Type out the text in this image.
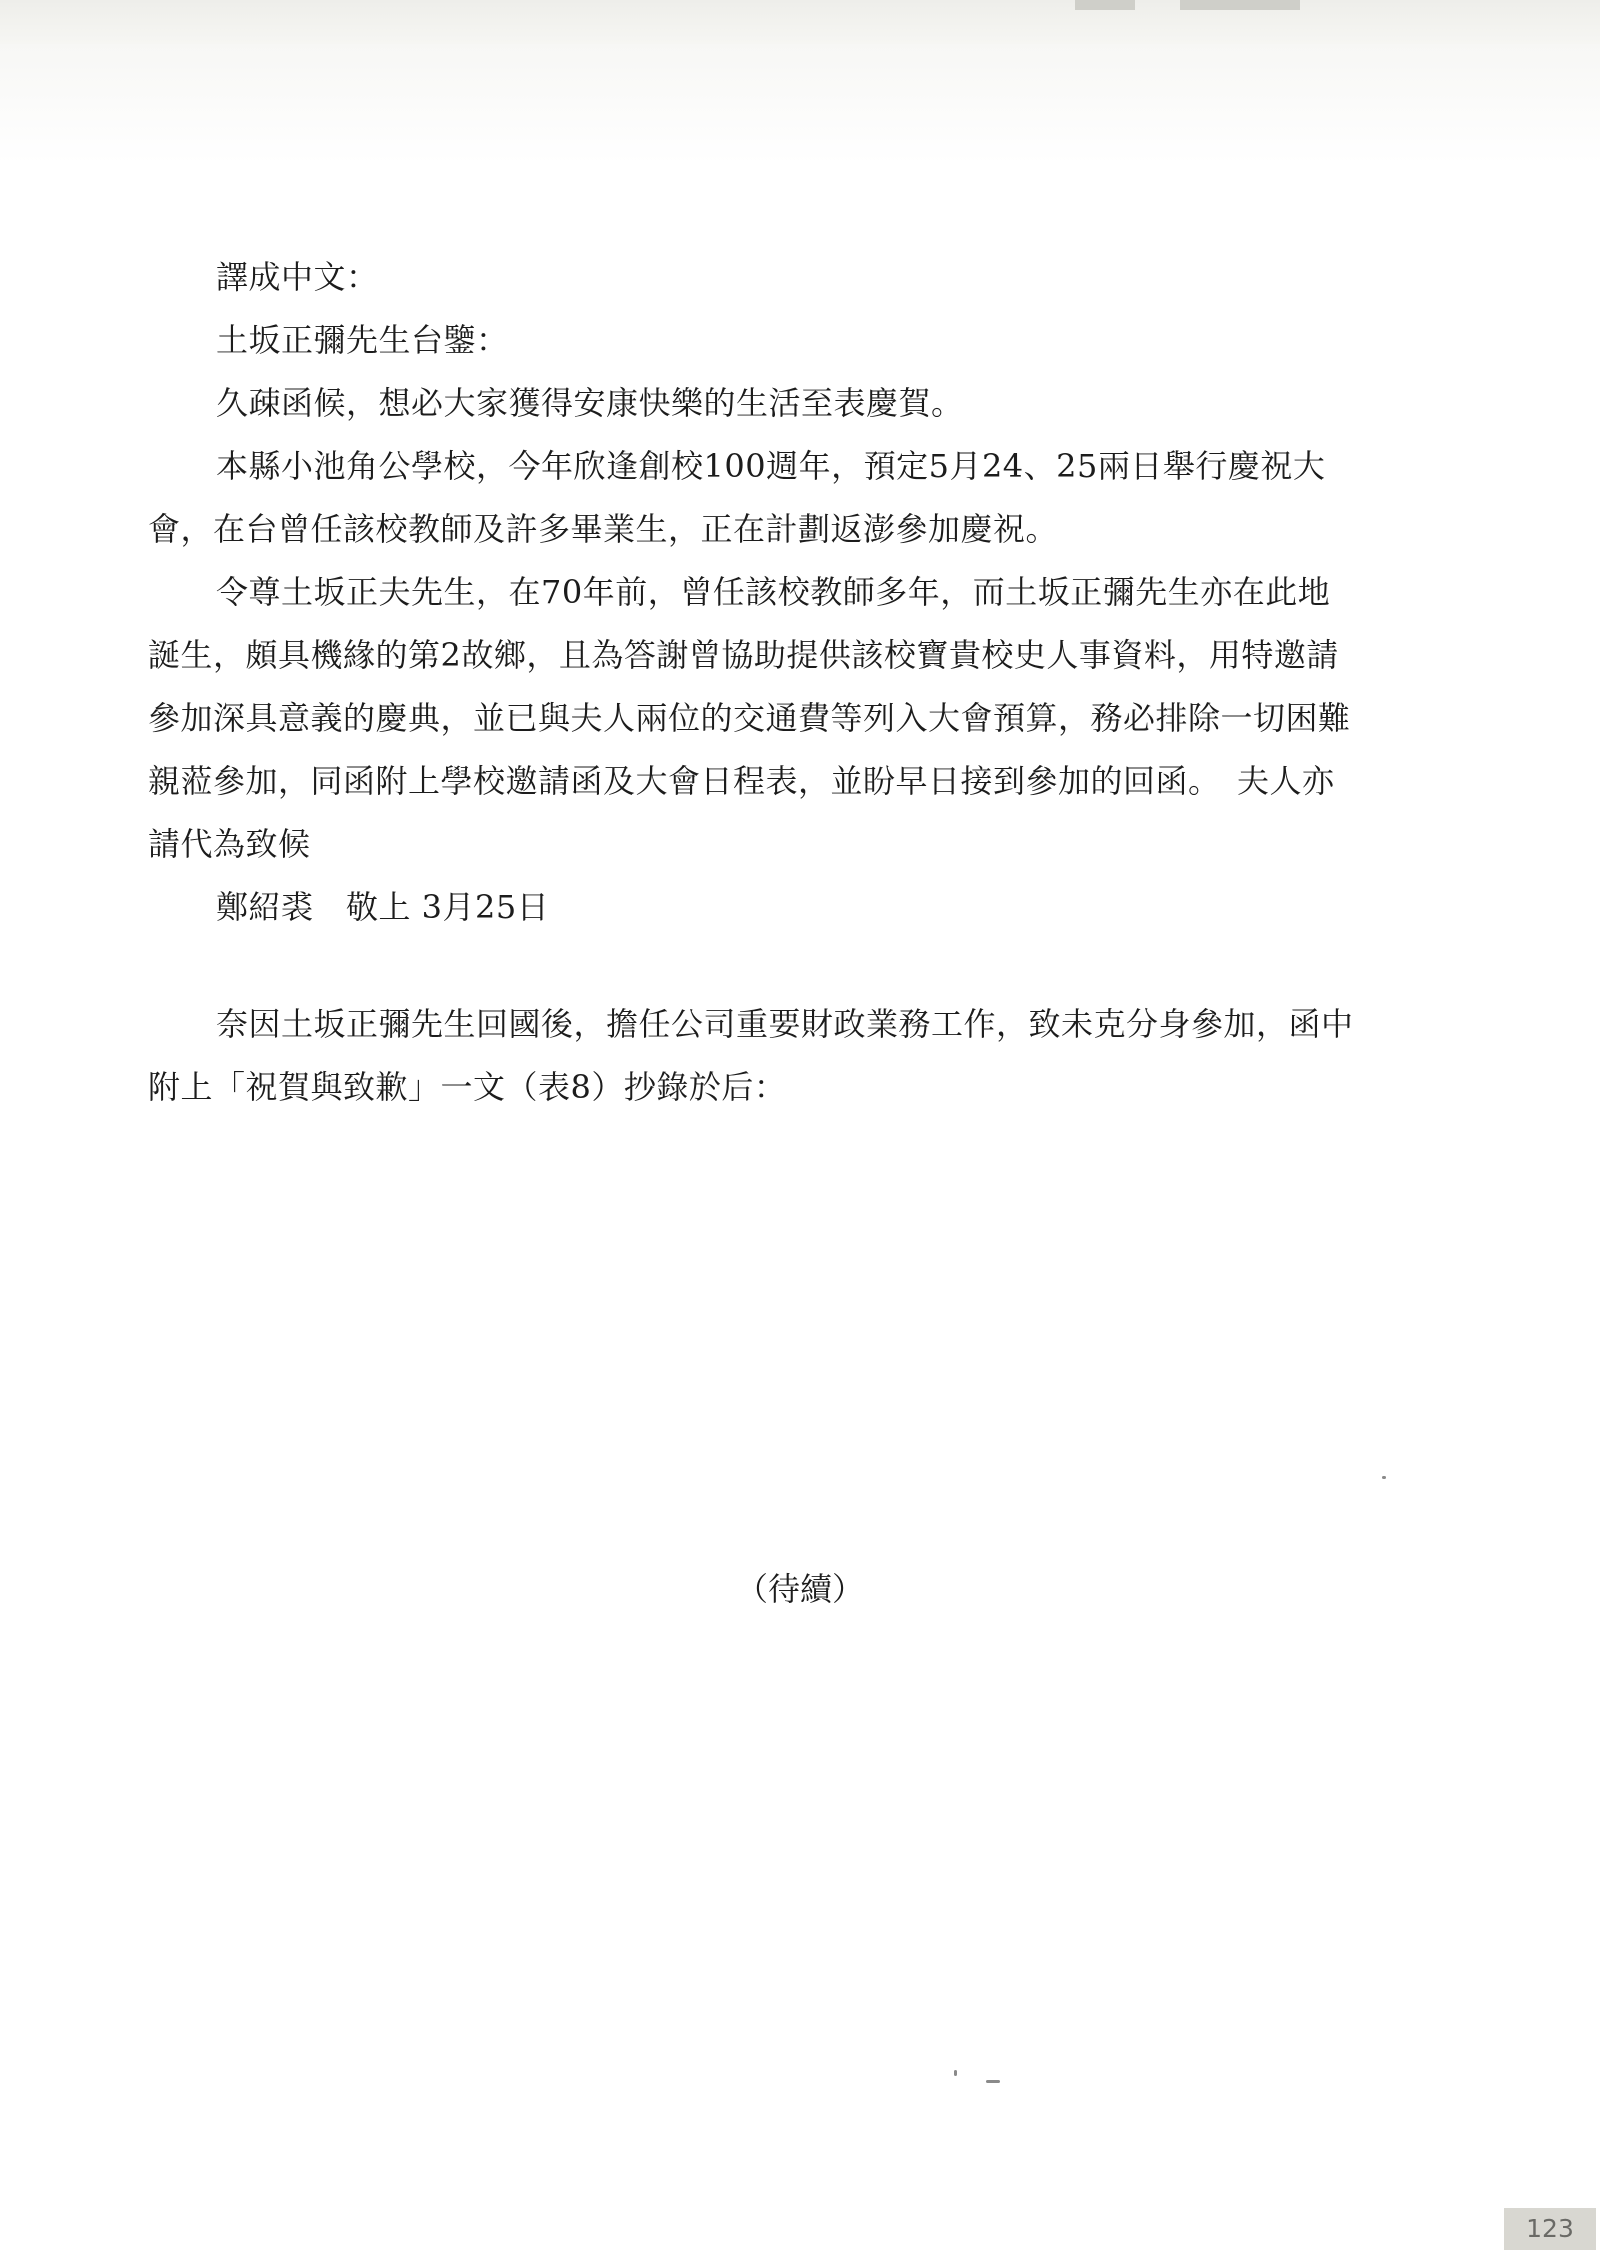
譯成中文：

土坂正彌先生台鑒：

久疎函候，想必大家獲得安康快樂的生活至表慶賀。

本縣小池角公學校，今年欣逢創校100週年，預定5月24、25兩日舉行慶祝大會，在台曾任該校教師及許多畢業生，正在計劃返澎參加慶祝。

令尊土坂正夫先生，在70年前，曾任該校教師多年，而土坂正彌先生亦在此地誕生，頗具機緣的第2故鄉，且為答謝曾協助提供該校寶貴校史人事資料，用特邀請參加深具意義的慶典，並已與夫人兩位的交通費等列入大會預算，務必排除一切困難親蒞參加，同函附上學校邀請函及大會日程表，並盼早日接到參加的回函。　夫人亦請代為致候

鄭紹裘　敬上 3月25日

奈因土坂正彌先生回國後，擔任公司重要財政業務工作，致未克分身參加，函中附上「祝賀與致歉」一文（表8）抄錄於后：

（待續）
123
